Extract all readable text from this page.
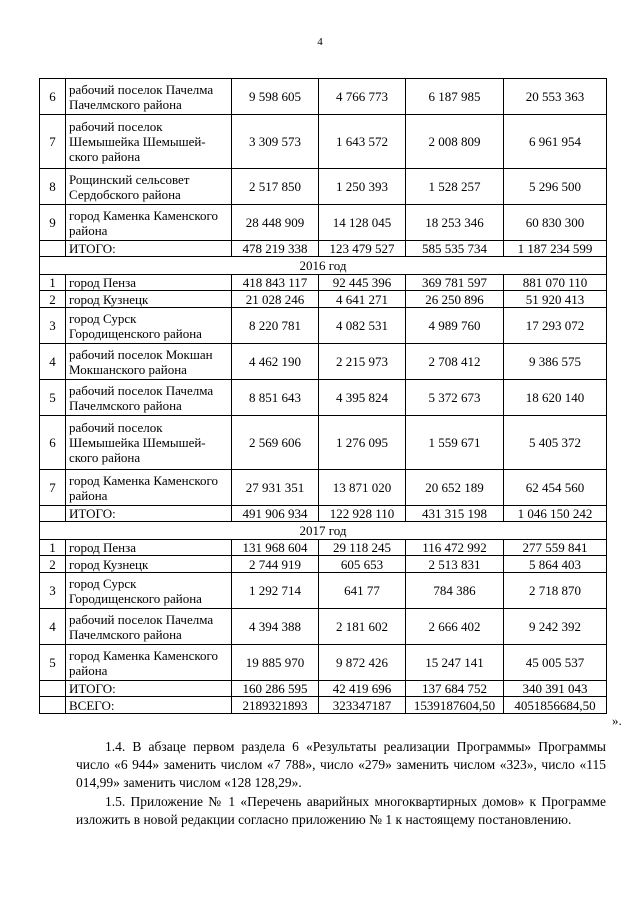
4
6	рабочий поселок Пачелма Пачелмского района	9 598 605	4 766 773	6 187 985	20 553 363
7	рабочий поселок Шемышейка Шемышей-ского района	3 309 573	1 643 572	2 008 809	6 961 954
8	Рощинский сельсовет Сердобского района	2 517 850	1 250 393	1 528 257	5 296 500
9	город Каменка Каменского района	28 448 909	14 128 045	18 253 346	60 830 300
	ИТОГО:	478 219 338	123 479 527	585 535 734	1 187 234 599
2016 год					
1	город Пенза	418 843 117	92 445 396	369 781 597	881 070 110
2	город Кузнецк	21 028 246	4 641 271	26 250 896	51 920 413
3	город Сурск Городищенского района	8 220 781	4 082 531	4 989 760	17 293 072
4	рабочий поселок Мокшан Мокшанского района	4 462 190	2 215 973	2 708 412	9 386 575
5	рабочий поселок Пачелма Пачелмского района	8 851 643	4 395 824	5 372 673	18 620 140
6	рабочий поселок Шемышейка Шемышей-ского района	2 569 606	1 276 095	1 559 671	5 405 372
7	город Каменка Каменского района	27 931 351	13 871 020	20 652 189	62 454 560
	ИТОГО:	491 906 934	122 928 110	431 315 198	1 046 150 242
2017 год					
1	город Пенза	131 968 604	29 118 245	116 472 992	277 559 841
2	город Кузнецк	2 744 919	605 653	2 513 831	5 864 403
3	город Сурск Городищенского района	1 292 714	641 77	784 386	2 718 870
4	рабочий поселок Пачелма Пачелмского района	4 394 388	2 181 602	2 666 402	9 242 392
5	город Каменка Каменского района	19 885 970	9 872 426	15 247 141	45 005 537
	ИТОГО:	160 286 595	42 419 696	137 684 752	340 391 043
	ВСЕГО:	2189321893	323347187	1539187604,50	4051856684,50
».

1.4. В абзаце первом раздела 6 «Результаты реализации Программы» Программы число «6 944» заменить числом «7 788», число «279» заменить числом «323», число «115 014,99» заменить числом «128 128,29».

1.5. Приложение № 1 «Перечень аварийных многоквартирных домов» к Программе изложить в новой редакции согласно приложению № 1 к настоящему постановлению.
